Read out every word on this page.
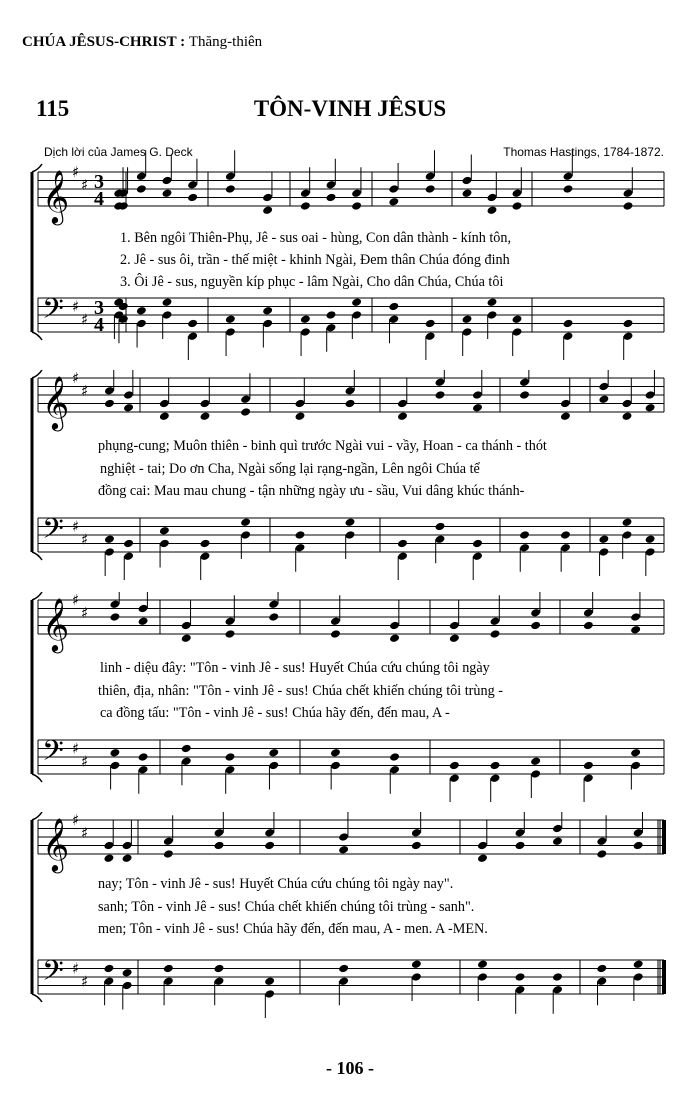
CHÚA JÊSUS-CHRIST : Thăng-thiên
115	TÔN-VINH JÊSUS
Dịch lời của James G. Deck	Thomas Hastings, 1784-1872.
𝄞 ♯
♯ 3
4
𝄢 ♯
♯
3
4
1. Bên ngôi Thiên-Phụ, Jê - sus oai - hùng, Con dân thành - kính tôn,
2. Jê - sus ôi, trần - thế miệt - khinh Ngài, Đem thân Chúa đóng đinh
3. Ôi Jê - sus, nguyền kíp phục - lâm Ngài, Cho dân Chúa, Chúa tôi
𝄞 ♯
♯
𝄢 ♯
♯
phụng-cung; Muôn thiên - binh quì trước Ngài vui - vầy, Hoan - ca thánh - thót
nghiệt - tai; Do ơn Cha, Ngài sống lại rạng-ngần, Lên ngôi Chúa tể
đồng cai: Mau mau chung - tận những ngày ưu - sầu, Vui dâng khúc thánh-
𝄞 ♯
♯
𝄢 ♯
♯
linh - diệu đây: "Tôn - vinh Jê - sus! Huyết Chúa cứu chúng tôi ngày
thiên, địa, nhân: "Tôn - vinh Jê - sus! Chúa chết khiến chúng tôi trùng -
ca đồng tấu: "Tôn - vinh Jê - sus! Chúa hãy đến, đến mau, A -
𝄞 ♯
♯
𝄢 ♯
♯
nay; Tôn - vinh Jê - sus! Huyết Chúa cứu chúng tôi ngày nay".
sanh; Tôn - vinh Jê - sus! Chúa chết khiến chúng tôi trùng - sanh".
men; Tôn - vinh Jê - sus! Chúa hãy đến, đến mau, A - men. A -MEN.
- 106 -
